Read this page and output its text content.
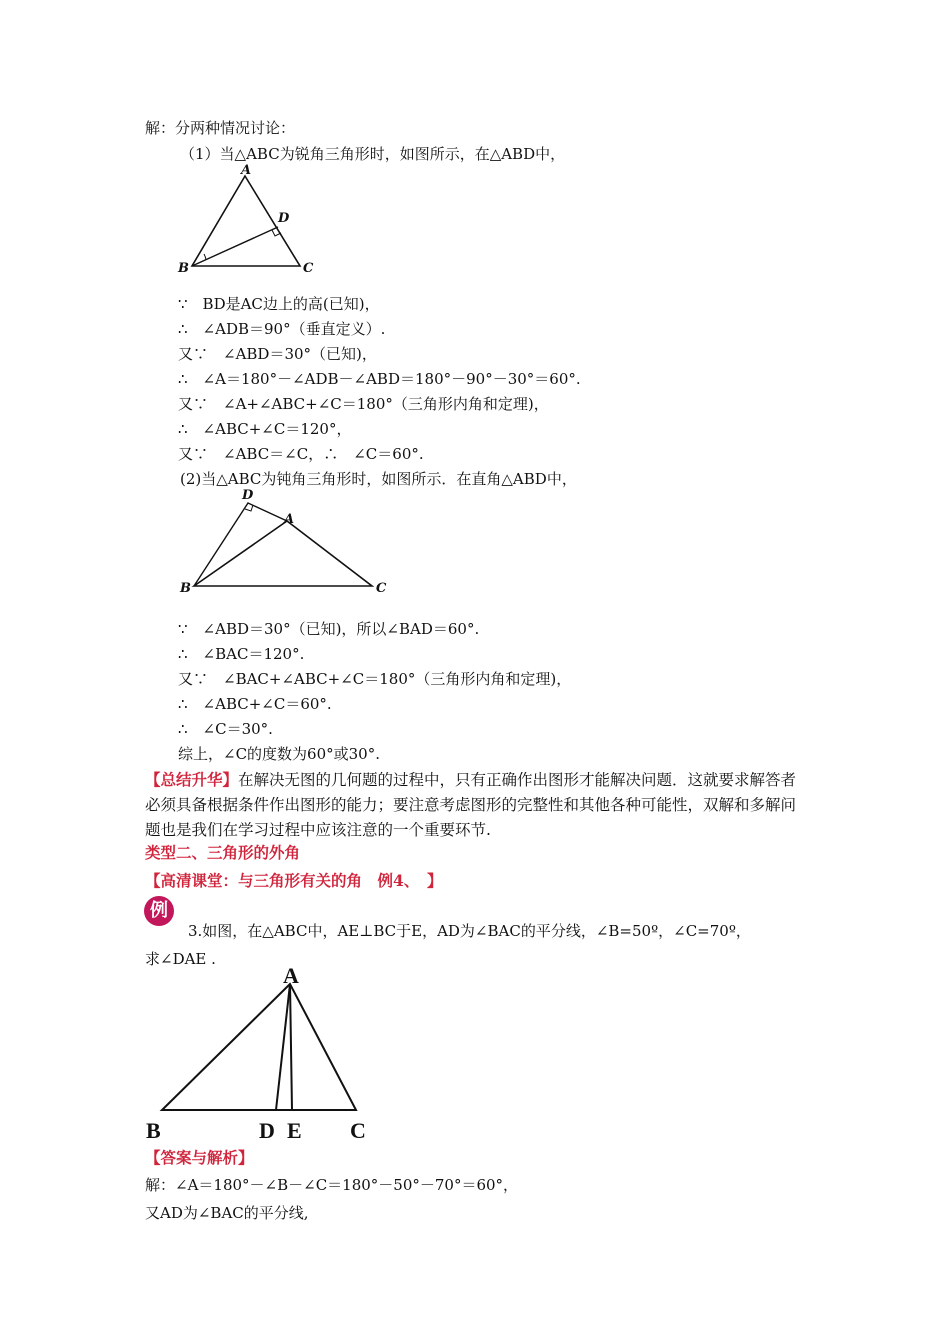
解：分两种情况讨论：
（1）当△ABC为锐角三角形时，如图所示，在△ABD中，
A
B	C
D
∵　BD是AC边上的高(已知)，
∴　∠ADB＝90°（垂直定义）.
又∵　∠ABD＝30°（已知)，
∴　∠A＝180°－∠ADB－∠ABD＝180°－90°－30°＝60°.
又∵　∠A+∠ABC+∠C＝180°（三角形内角和定理)，
∴　∠ABC+∠C＝120°，
又∵　∠ABC＝∠C，∴　∠C＝60°.
(2)当△ABC为钝角三角形时，如图所示．在直角△ABD中，
D
A
B	C
∵　∠ABD＝30°（已知)，所以∠BAD＝60°.
∴　∠BAC＝120°.
又∵　∠BAC+∠ABC+∠C＝180°（三角形内角和定理)，
∴　∠ABC+∠C＝60°.
∴　∠C＝30°.
综上，∠C的度数为60°或30°.
【总结升华】在解决无图的几何题的过程中，只有正确作出图形才能解决问题．这就要求解答者必须具备根据条件作出图形的能力；要注意考虑图形的完整性和其他各种可能性，双解和多解问题也是我们在学习过程中应该注意的一个重要环节.
类型二、三角形的外角
【高清课堂：与三角形有关的角　例4、　】
例
3.如图，在△ABC中，AE⊥BC于E，AD为∠BAC的平分线，∠B=50º，∠C=70º，
求∠DAE .
A
B	D E C
【答案与解析】
解：∠A＝180°－∠B－∠C＝180°－50°－70°＝60°，
又AD为∠BAC的平分线,
